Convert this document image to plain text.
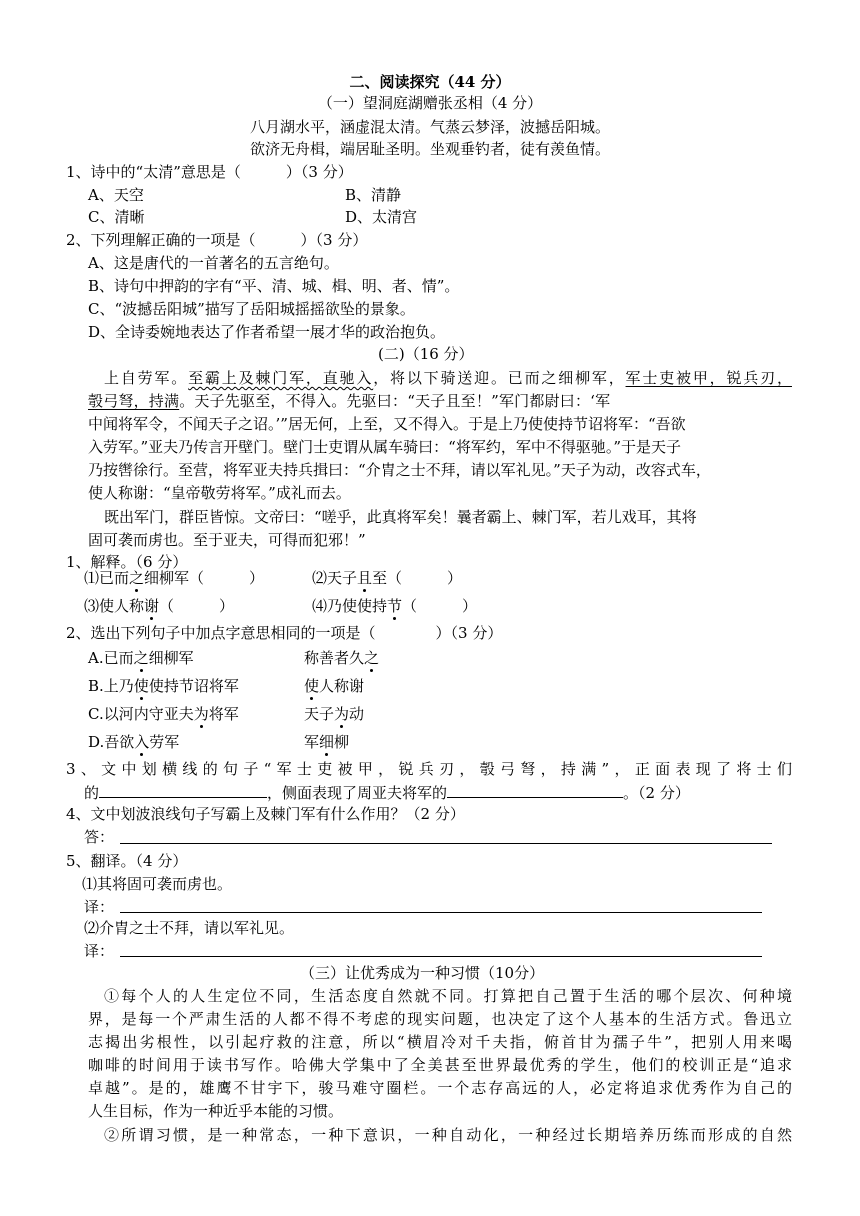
二、阅读探究（44 分）
（一）望洞庭湖赠张丞相（4 分）
八月湖水平，涵虚混太清。气蒸云梦泽，波撼岳阳城。
欲济无舟楫，端居耻圣明。坐观垂钓者，徒有羡鱼情。
1、诗中的“太清”意思是（　　　）（3 分）
A、天空	B、清静
C、清晰	D、太清宫
2、下列理解正确的一项是（　　　）（3 分）
A、这是唐代的一首著名的五言绝句。
B、诗句中押韵的字有“平、清、城、楫、明、者、情”。
C、“波撼岳阳城”描写了岳阳城摇摇欲坠的景象。
D、全诗委婉地表达了作者希望一展才华的政治抱负。
(二)（16 分）
上自劳军。至霸上及棘门军，直驰入，将以下骑送迎。已而之细柳军，军士吏被甲，锐兵刃，
彀弓弩，持满。天子先驱至，不得入。先驱曰：“天子且至！”军门都尉曰：‘军
中闻将军令，不闻天子之诏。’”居无何，上至，又不得入。于是上乃使使持节诏将军：“吾欲
入劳军。”亚夫乃传言开壁门。壁门士吏谓从属车骑曰：“将军约，军中不得驱驰。”于是天子
乃按辔徐行。至营，将军亚夫持兵揖曰：“介胄之士不拜，请以军礼见。”天子为动，改容式车，
使人称谢：“皇帝敬劳将军。”成礼而去。
既出军门，群臣皆惊。文帝曰：“嗟乎，此真将军矣！曩者霸上、棘门军，若儿戏耳，其将
固可袭而虏也。至于亚夫，可得而犯邪！”
1、解释。（6 分）
⑴已而之细柳军（　　　）	⑵天子且至（　　　）
⑶使人称谢（　　　）	⑷乃使使持节（　　　）
2、选出下列句子中加点字意思相同的一项是（　　　　）（3 分）
A.已而之细柳军	称善者久之
B.上乃使使持节诏将军	使人称谢
C.以河内守亚夫为将军	天子为动
D.吾欲入劳军	军细柳
3、文中划横线的句子“军士吏被甲，锐兵刃，彀弓弩，持满”，正面表现了将士们
的	，侧面表现了周亚夫将军的	。（2 分）
4、文中划波浪线句子写霸上及棘门军有什么作用？（2 分）
答：
5、翻译。（4 分）
⑴其将固可袭而虏也。
译：
⑵介胄之士不拜，请以军礼见。
译：
（三）让优秀成为一种习惯（10分）
①每个人的人生定位不同，生活态度自然就不同。打算把自己置于生活的哪个层次、何种境
界，是每一个严肃生活的人都不得不考虑的现实问题，也决定了这个人基本的生活方式。鲁迅立
志揭出劣根性，以引起疗救的注意，所以“横眉冷对千夫指，俯首甘为孺子牛”，把别人用来喝
咖啡的时间用于读书写作。哈佛大学集中了全美甚至世界最优秀的学生，他们的校训正是“追求
卓越”。是的，雄鹰不甘宇下，骏马难守圈栏。一个志存高远的人，必定将追求优秀作为自己的
人生目标，作为一种近乎本能的习惯。
②所谓习惯，是一种常态，一种下意识，一种自动化，一种经过长期培养历练而形成的自然
